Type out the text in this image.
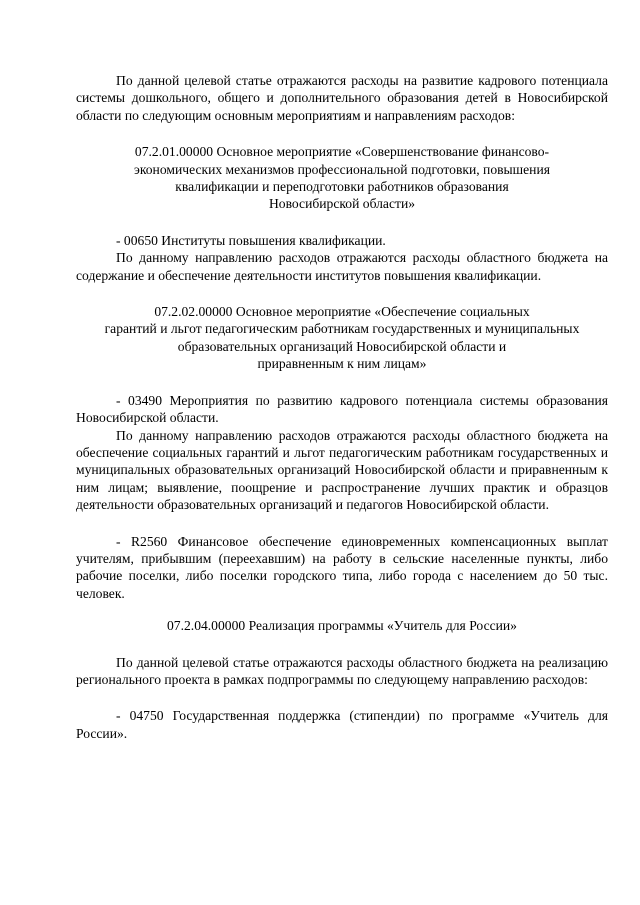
По данной целевой статье отражаются расходы на развитие кадрового потенциала системы дошкольного, общего и дополнительного образования детей в Новосибирской области по следующим основным мероприятиям и направлениям расходов:

07.2.01.00000 Основное мероприятие «Совершенствование финансово-
экономических механизмов профессиональной подготовки, повышения
квалификации и переподготовки работников образования
Новосибирской области»

- 00650 Институты повышения квалификации.

По данному направлению расходов отражаются расходы областного бюджета на содержание и обеспечение деятельности институтов повышения квалификации.

07.2.02.00000 Основное мероприятие «Обеспечение социальных
гарантий и льгот педагогическим работникам государственных и муниципальных
образовательных организаций Новосибирской области и
приравненным к ним лицам»

- 03490 Мероприятия по развитию кадрового потенциала системы образования Новосибирской области.

По данному направлению расходов отражаются расходы областного бюджета на обеспечение социальных гарантий и льгот педагогическим работникам государственных и муниципальных образовательных организаций Новосибирской области и приравненным к ним лицам; выявление, поощрение и распространение лучших практик и образцов деятельности образовательных организаций и педагогов Новосибирской области.

- R2560 Финансовое обеспечение единовременных компенсационных выплат учителям, прибывшим (переехавшим) на работу в сельские населенные пункты, либо рабочие поселки, либо поселки городского типа, либо города с населением до 50 тыс. человек.

07.2.04.00000 Реализация программы «Учитель для России»

По данной целевой статье отражаются расходы областного бюджета на реализацию регионального проекта в рамках подпрограммы по следующему направлению расходов:

- 04750 Государственная поддержка (стипендии) по программе «Учитель для России».
